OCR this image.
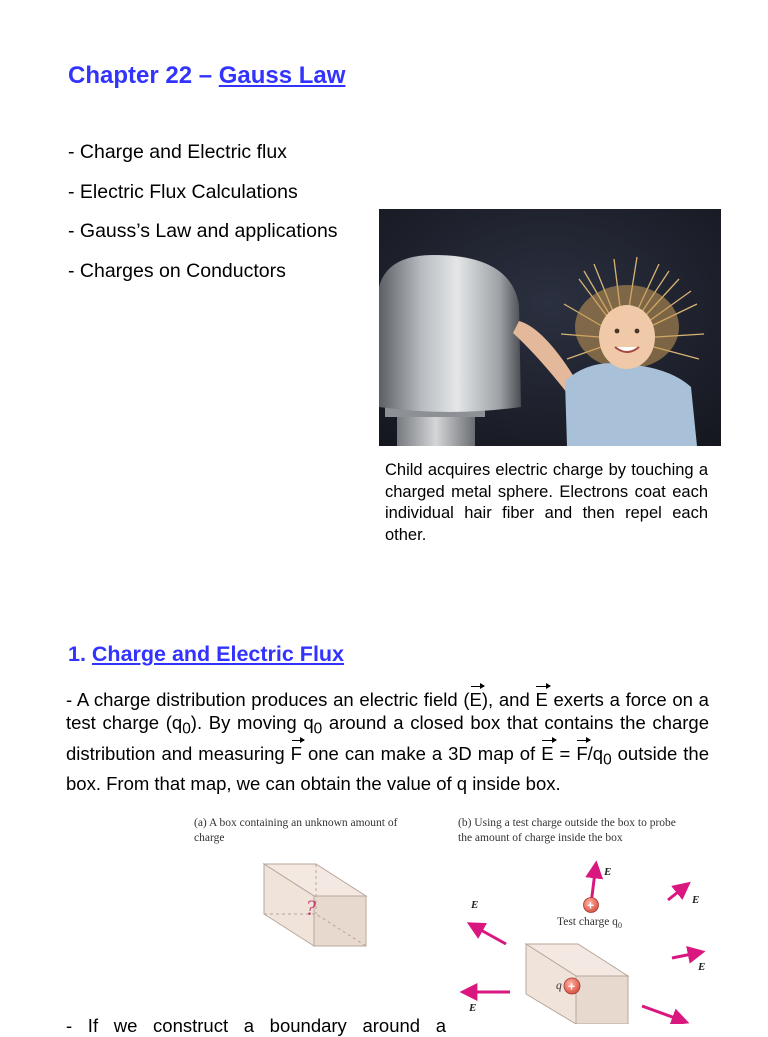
Chapter 22 – Gauss Law
- Charge and Electric flux
- Electric Flux Calculations
- Gauss’s Law and applications
- Charges on Conductors

Child acquires electric charge by touching a charged metal sphere. Electrons coat each individual hair fiber and then repel each other.

1. Charge and Electric Flux

- A charge distribution produces an electric field (E), and E exerts a force on a test charge $(q_0)$. By moving $q_0$ around a closed box that contains the charge distribution and measuring F one can make a 3D map of $E = F/q_0$ outside the box. From that map, we can obtain the value of q inside box.

(a) A box containing an unknown amount of
charge
(b) Using a test charge outside the box to probe
the amount of charge inside the box
?	+
+
E
E
E
E
E
Test charge $q_0$
q

- If we construct a boundary around a
